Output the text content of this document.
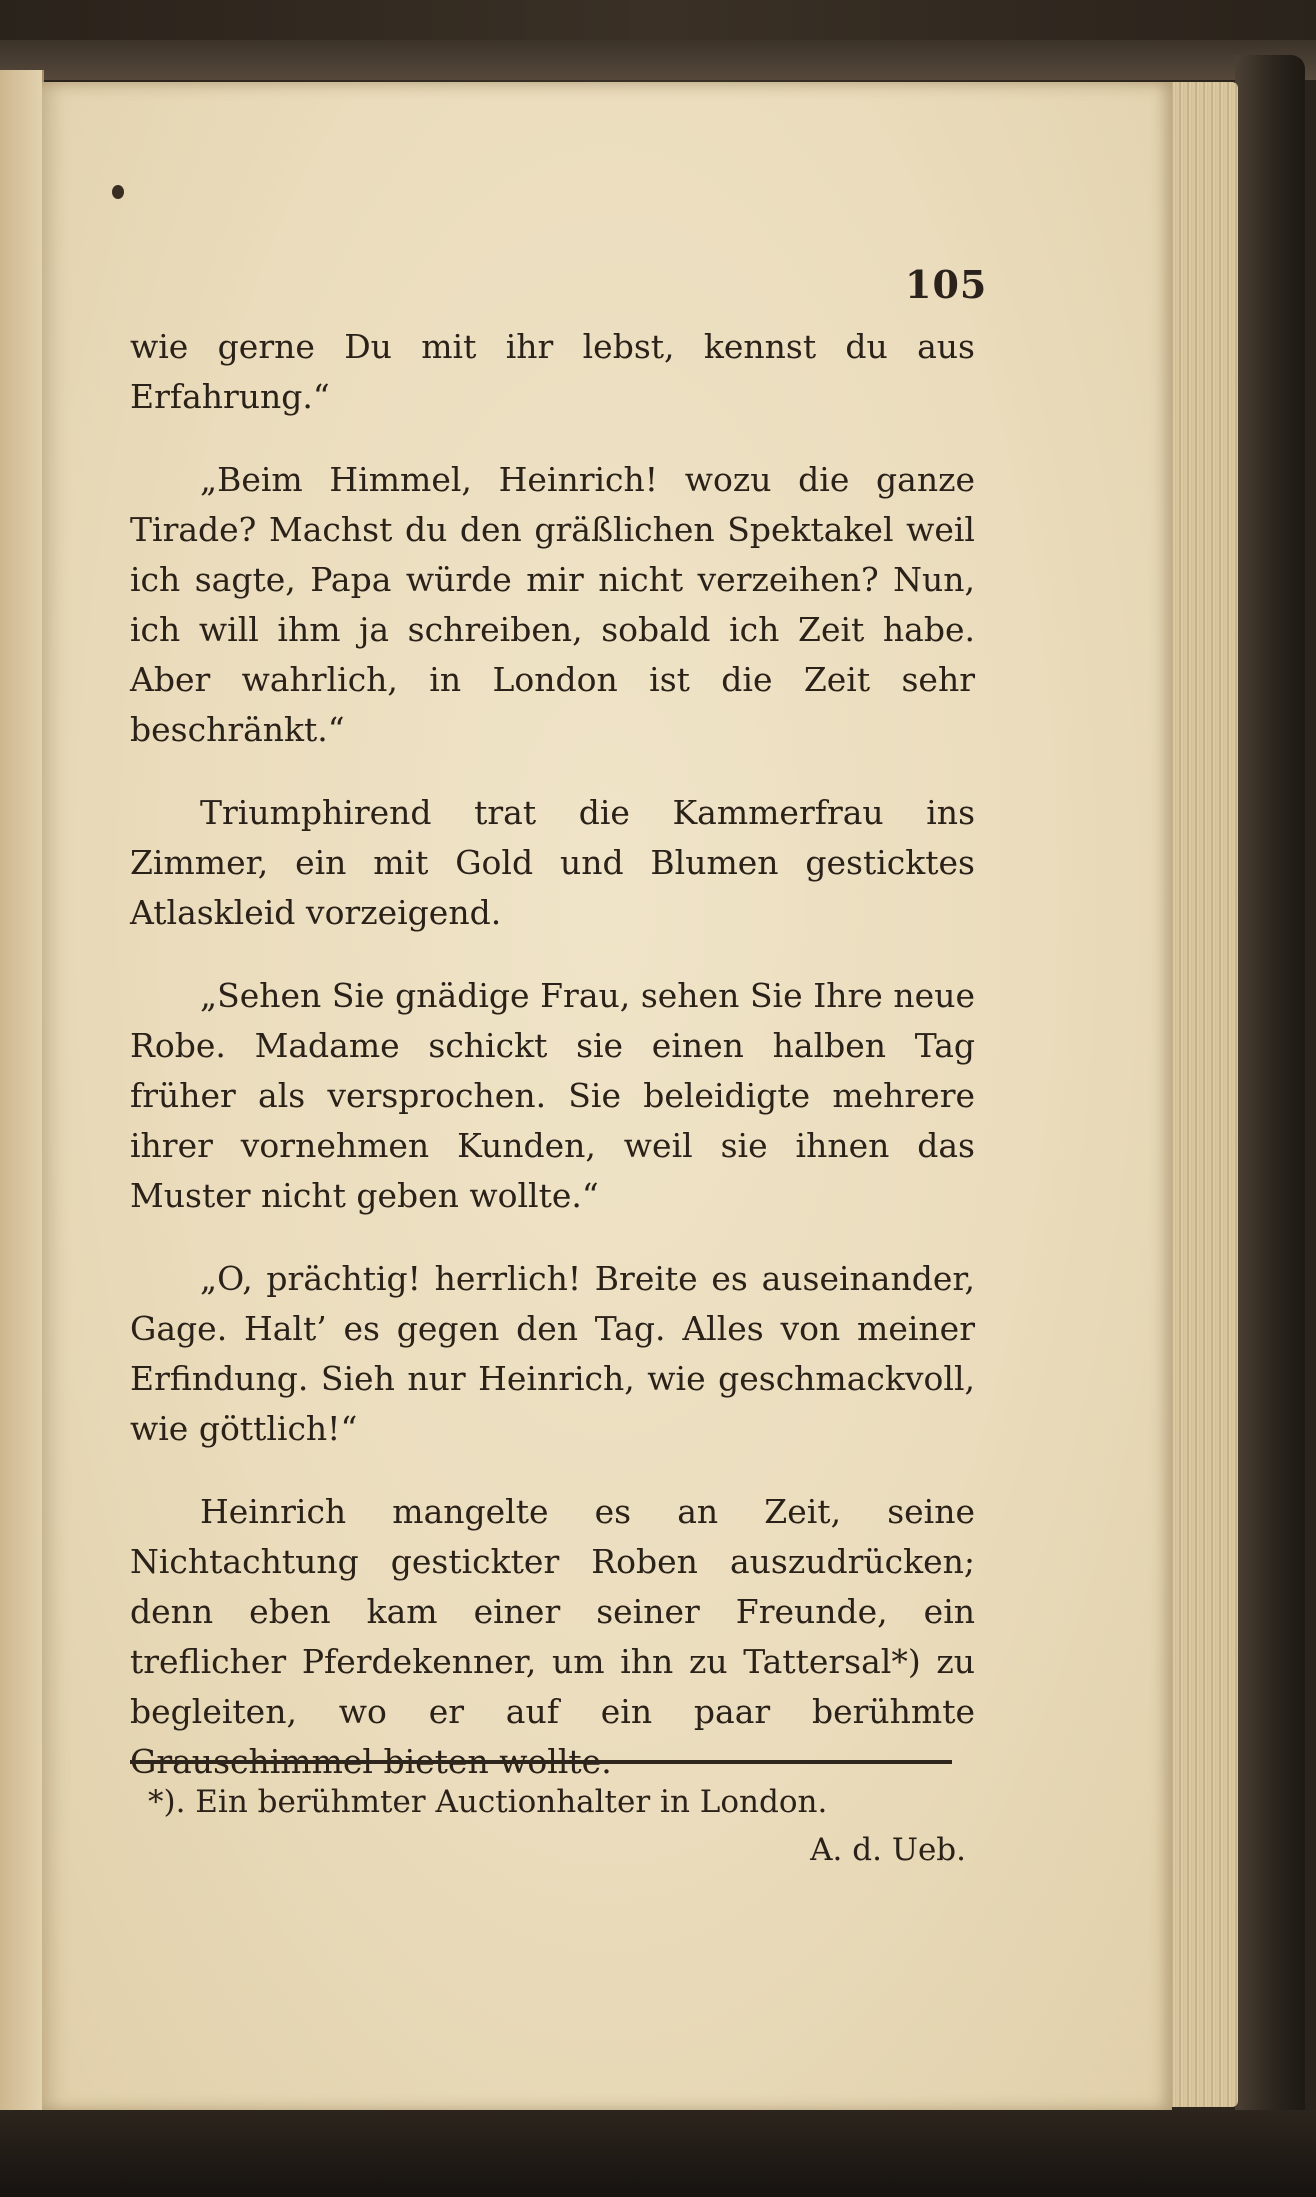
105

wie gerne Du mit ihr lebst, kennst du aus Erfahrung.“

„Beim Himmel, Heinrich! wozu die ganze Tirade? Machst du den gräßlichen Spektakel weil ich sagte, Papa würde mir nicht verzeihen? Nun, ich will ihm ja schreiben, sobald ich Zeit habe. Aber wahrlich, in London ist die Zeit sehr beschränkt.“

Triumphirend trat die Kammerfrau ins Zimmer, ein mit Gold und Blumen gesticktes Atlaskleid vorzeigend.

„Sehen Sie gnädige Frau, sehen Sie Ihre neue Robe. Madame schickt sie einen halben Tag früher als versprochen. Sie beleidigte mehrere ihrer vornehmen Kunden, weil sie ihnen das Muster nicht geben wollte.“

„O, prächtig! herrlich! Breite es auseinander, Gage. Halt’ es gegen den Tag. Alles von meiner Erfindung. Sieh nur Heinrich, wie geschmackvoll, wie göttlich!“

Heinrich mangelte es an Zeit, seine Nichtachtung gestickter Roben auszudrücken; denn eben kam einer seiner Freunde, ein treflicher Pferdekenner, um ihn zu Tattersal*) zu begleiten, wo er auf ein paar berühmte Grauschimmel bieten wollte.

*). Ein berühmter Auctionhalter in London.
A. d. Ueb.
